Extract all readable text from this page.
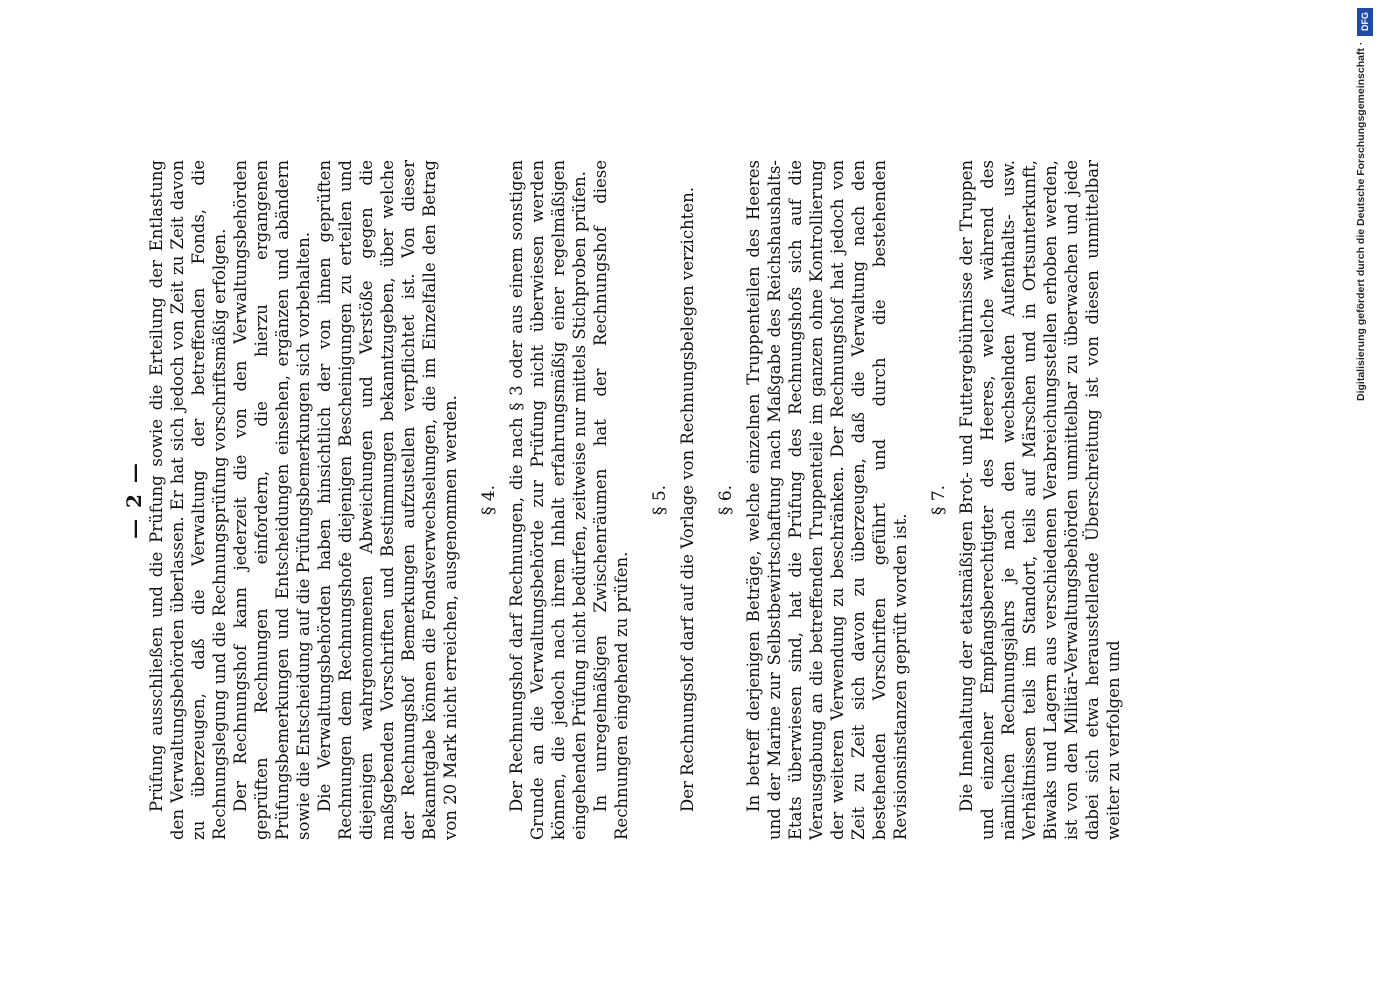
— 2 — Prüfung ausschließen und die Prüfung sowie die Erteilung der Entlastung den Verwaltungsbehörden überlassen. Er hat sich jedoch von Zeit zu Zeit davon zu überzeugen, daß die Verwaltung der betreffenden Fonds, die Rechnungslegung und die Rechnungsprüfung vorschriftsmäßig erfolgen. Der Rechnungshof kann jederzeit die von den Verwaltungsbehörden geprüften Rechnungen einfordern, die hierzu ergangenen Prüfungsbemerkungen und Entscheidungen einsehen, ergänzen und abändern sowie die Entscheidung auf die Prüfungsbemerkungen sich vorbehalten. Die Verwaltungsbehörden haben hinsichtlich der von ihnen geprüften Rechnungen dem Rechnungshofe diejenigen Bescheinigungen zu erteilen und diejenigen wahrgenommenen Abweichungen und Verstöße gegen die maßgebenden Vorschriften und Bestimmungen bekanntzugeben, über welche der Rechnungshof Bemerkungen aufzustellen verpflichtet ist. Von dieser Bekanntgabe können die Fondsverwechselungen, die im Einzelfalle den Betrag von 20 Mark nicht erreichen, ausgenommen werden. § 4. Der Rechnungshof darf Rechnungen, die nach § 3 oder aus einem sonstigen Grunde an die Verwaltungsbehörde zur Prüfung nicht überwiesen werden können, die jedoch nach ihrem Inhalt erfahrungsmäßig einer regelmäßigen eingehenden Prüfung nicht bedürfen, zeitweise nur mittels Stichproben prüfen. In unregelmäßigen Zwischenräumen hat der Rechnungshof diese Rechnungen eingehend zu prüfen.

§ 5. Der Rechnungshof darf auf die Vorlage von Rechnungsbelegen verzichten. § 6. In betreff derjenigen Beträge, welche einzelnen Truppenteilen des Heeres und der Marine zur Selbstbewirtschaftung nach Maßgabe des Reichshaushalts-Etats überwiesen sind, hat die Prüfung des Rechnungshofs sich auf die Verausgabung an die betreffenden Truppenteile im ganzen ohne Kontrollierung der weiteren Verwendung zu beschränken. Der Rechnungshof hat jedoch von Zeit zu Zeit sich davon zu überzeugen, daß die Verwaltung nach den bestehenden Vorschriften geführt und durch die bestehenden Revisionsinstanzen geprüft worden ist.

§ 7. Die Innehaltung der etatsmäßigen Brot- und Futtergebührnisse der Truppen und einzelner Empfangsberechtigter des Heeres, welche während des nämlichen Rechnungsjahrs je nach den wechselnden Aufenthalts- usw. Verhältnissen teils im Standort, teils auf Märschen und in Ortsunterkunft, Biwaks und Lagern aus verschiedenen Verabreichungsstellen erhoben werden, ist von den Militär-Verwaltungsbehörden unmittelbar zu überwachen und jede dabei sich etwa herausstellende Überschreitung ist von diesen unmittelbar weiter zu verfolgen und

DFG
Digitalisierung gefördert durch die Deutsche Forschungsgemeinschaft ·
